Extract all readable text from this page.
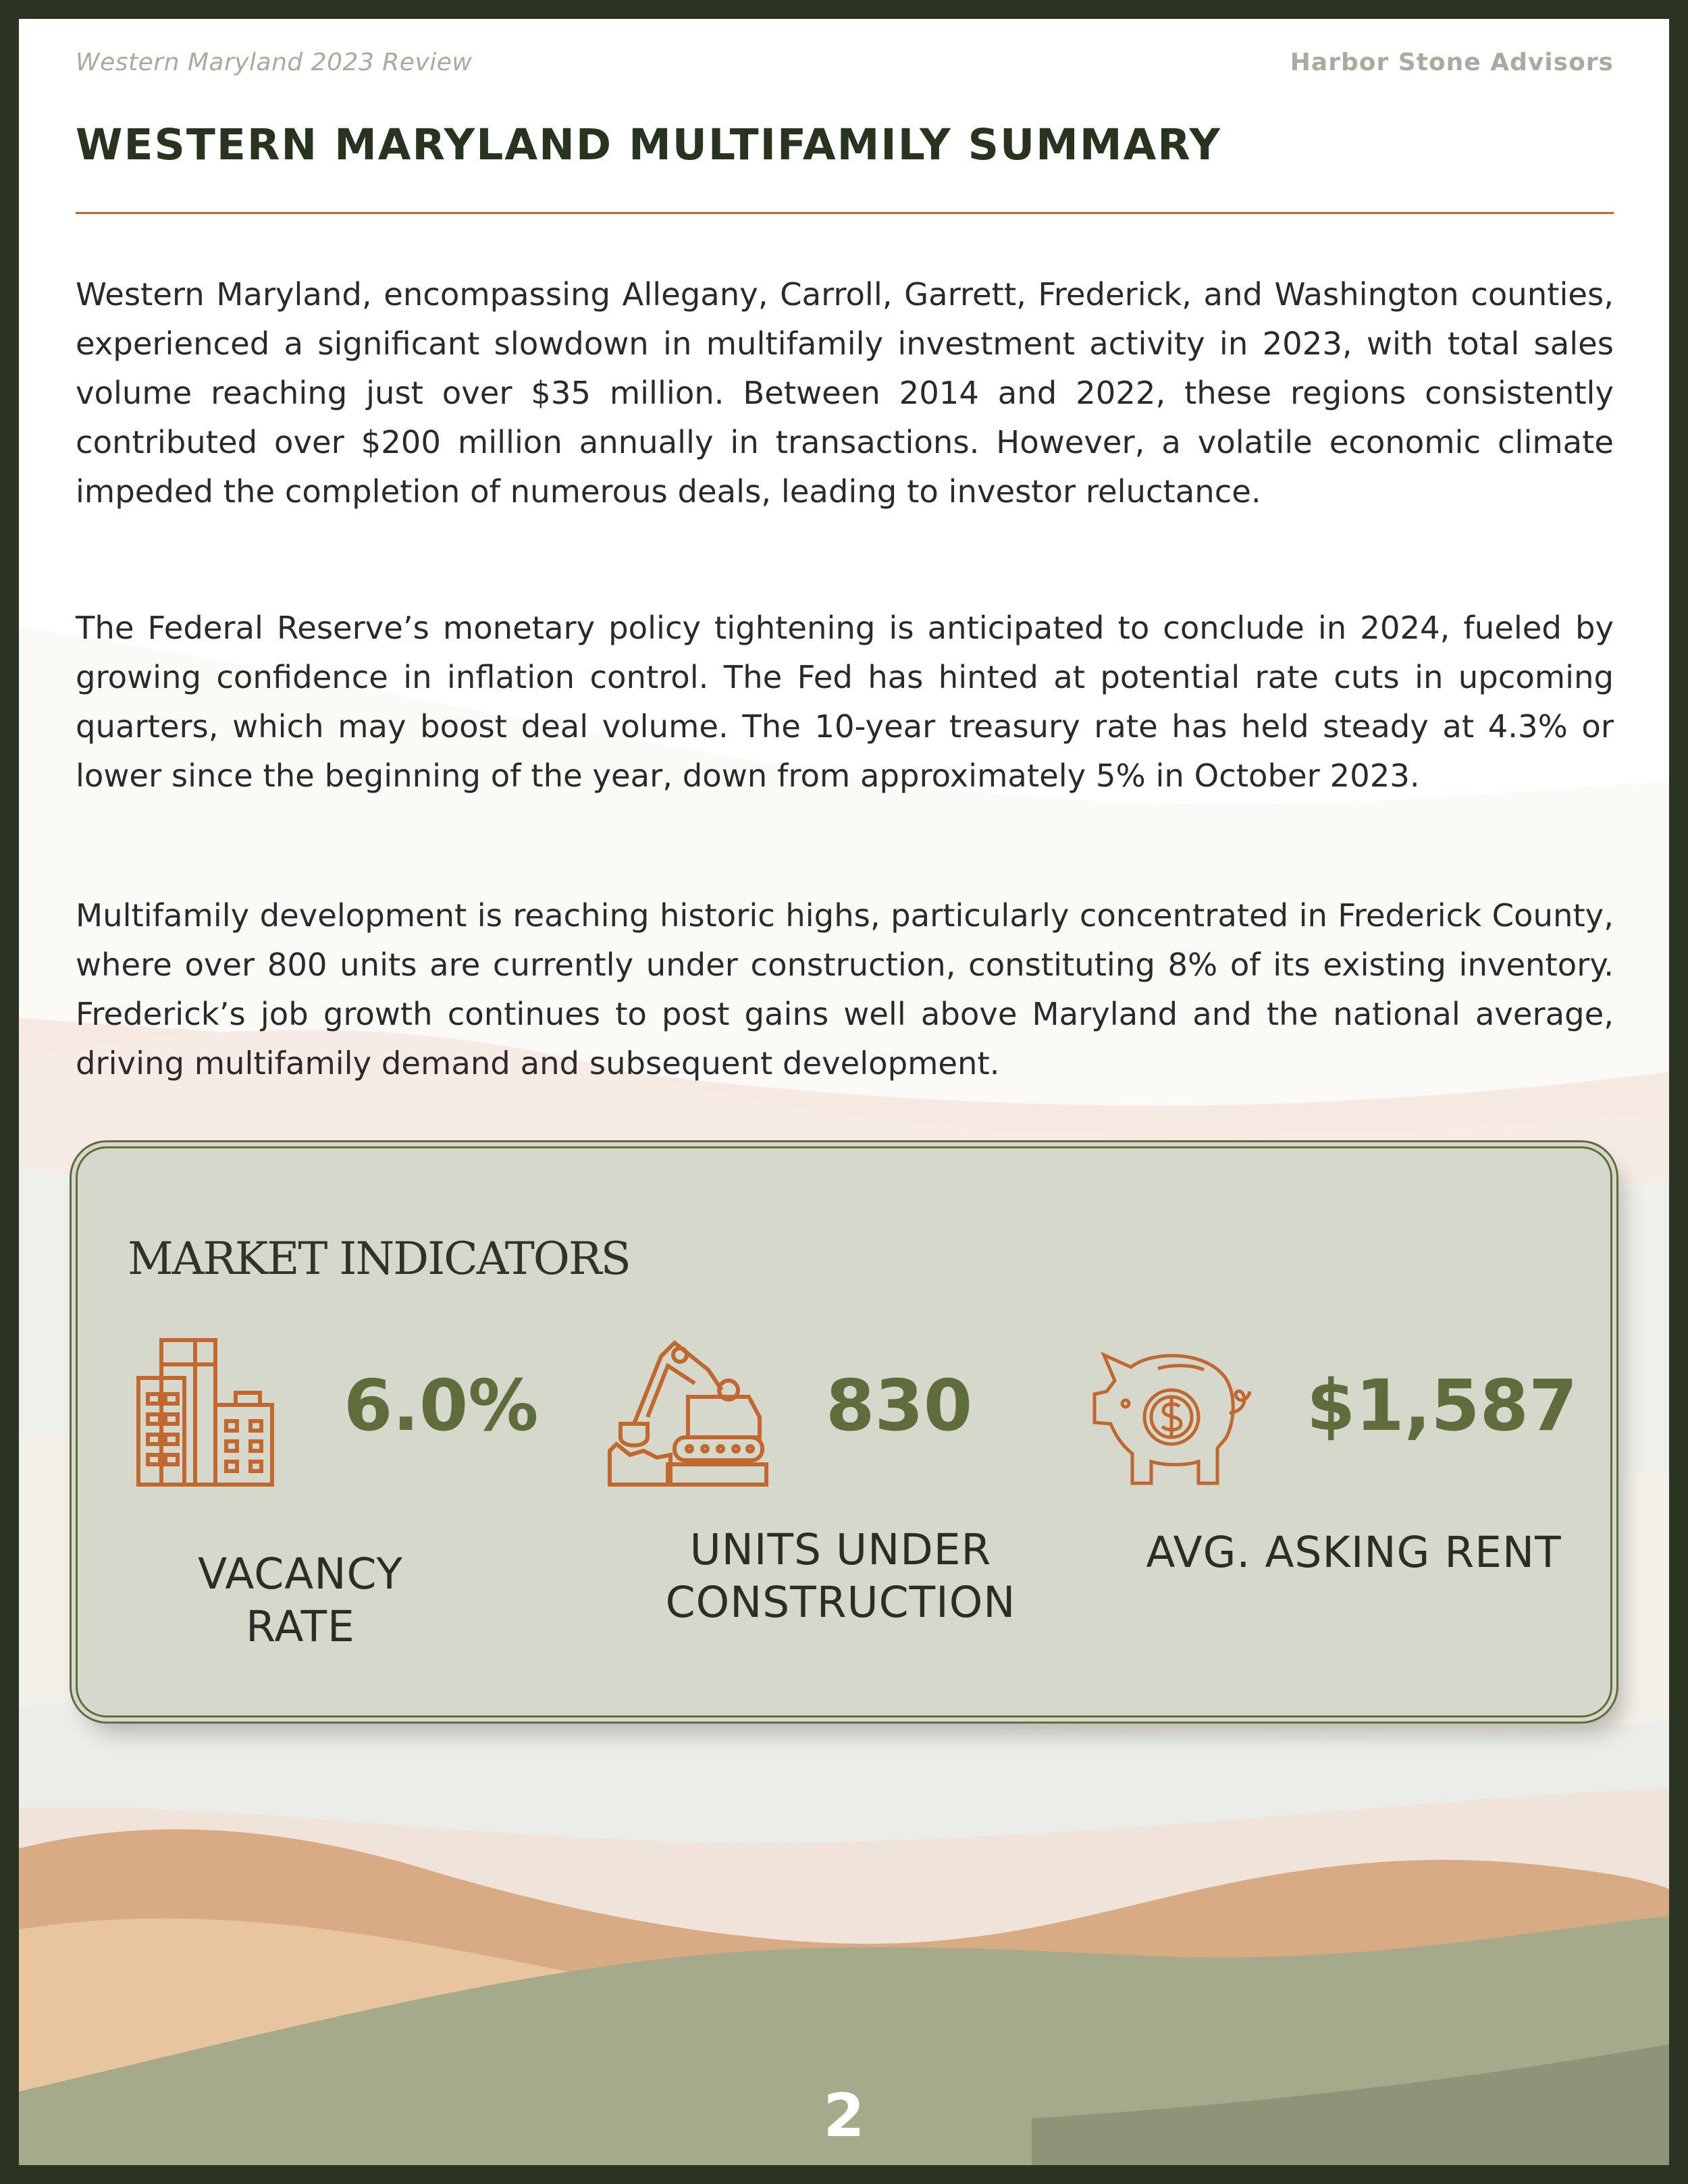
Western Maryland 2023 Review	Harbor Stone Advisors
WESTERN MARYLAND MULTIFAMILY SUMMARY

Western Maryland, encompassing Allegany, Carroll, Garrett, Frederick, and Washington counties, experienced a significant slowdown in multifamily investment activity in 2023, with total sales volume reaching just over $35 million. Between 2014 and 2022, these regions consistently contributed over $200 million annually in transactions. However, a volatile economic climate impeded the completion of numerous deals, leading to investor reluctance.

The Federal Reserve’s monetary policy tightening is anticipated to conclude in 2024, fueled by growing confidence in inflation control. The Fed has hinted at potential rate cuts in upcoming quarters, which may boost deal volume. The 10-year treasury rate has held steady at 4.3% or lower since the beginning of the year, down from approximately 5% in October 2023.

Multifamily development is reaching historic highs, particularly concentrated in Frederick County, where over 800 units are currently under construction, constituting 8% of its existing inventory. Frederick’s job growth continues to post gains well above Maryland and the national average, driving multifamily demand and subsequent development.

MARKET INDICATORS
6.0%
VACANCY RATE
830
UNITS UNDER CONSTRUCTION
$1,587
AVG. ASKING RENT
2
